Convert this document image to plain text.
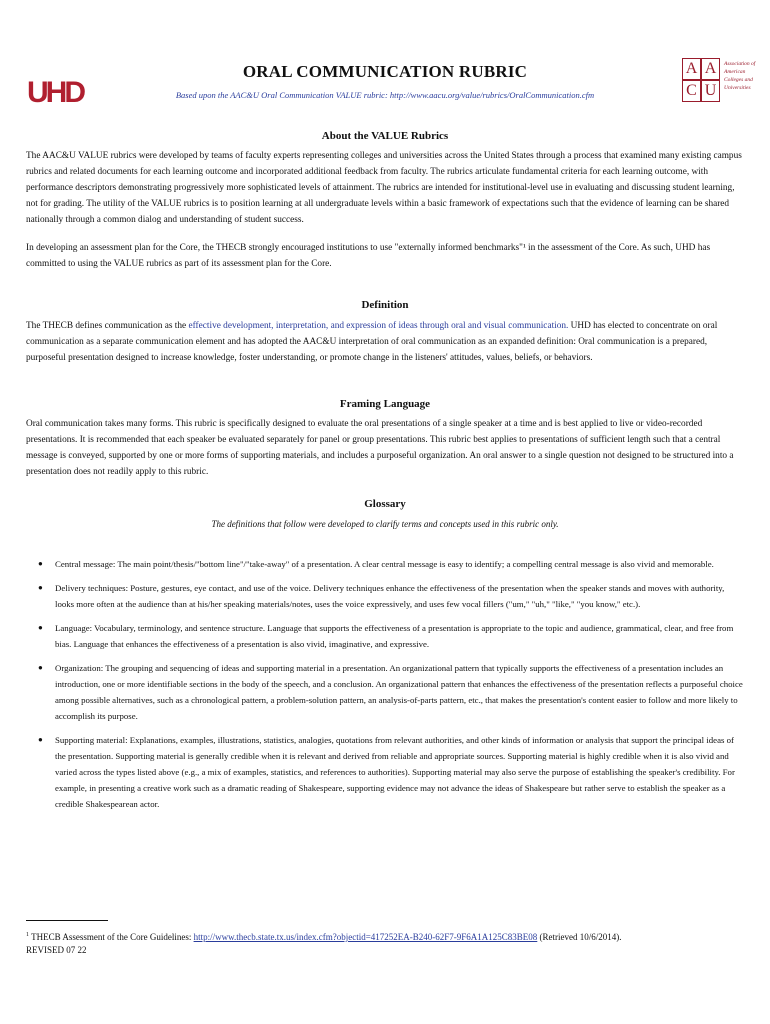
UHD
ORAL COMMUNICATION RUBRIC
Based upon the AAC&U Oral Communication VALUE rubric: http://www.aacu.org/value/rubrics/OralCommunication.cfm
A A
C U
Association of American Colleges and Universities
About the VALUE Rubrics
The AAC&U VALUE rubrics were developed by teams of faculty experts representing colleges and universities across the United States through a process that examined many existing campus rubrics and related documents for each learning outcome and incorporated additional feedback from faculty. The rubrics articulate fundamental criteria for each learning outcome, with performance descriptors demonstrating progressively more sophisticated levels of attainment. The rubrics are intended for institutional-level use in evaluating and discussing student learning, not for grading. The utility of the VALUE rubrics is to position learning at all undergraduate levels within a basic framework of expectations such that the evidence of learning can be shared nationally through a common dialog and understanding of student success.
In developing an assessment plan for the Core, the THECB strongly encouraged institutions to use "externally informed benchmarks"¹ in the assessment of the Core. As such, UHD has committed to using the VALUE rubrics as part of its assessment plan for the Core.
Definition
The THECB defines communication as the effective development, interpretation, and expression of ideas through oral and visual communication. UHD has elected to concentrate on oral communication as a separate communication element and has adopted the AAC&U interpretation of oral communication as an expanded definition: Oral communication is a prepared, purposeful presentation designed to increase knowledge, foster understanding, or promote change in the listeners' attitudes, values, beliefs, or behaviors.
Framing Language
Oral communication takes many forms. This rubric is specifically designed to evaluate the oral presentations of a single speaker at a time and is best applied to live or video-recorded presentations. It is recommended that each speaker be evaluated separately for panel or group presentations. This rubric best applies to presentations of sufficient length such that a central message is conveyed, supported by one or more forms of supporting materials, and includes a purposeful organization. An oral answer to a single question not designed to be structured into a presentation does not readily apply to this rubric.
Glossary
The definitions that follow were developed to clarify terms and concepts used in this rubric only.
● Central message: The main point/thesis/"bottom line"/"take-away" of a presentation. A clear central message is easy to identify; a compelling central message is also vivid and memorable.
● Delivery techniques: Posture, gestures, eye contact, and use of the voice. Delivery techniques enhance the effectiveness of the presentation when the speaker stands and moves with authority, looks more often at the audience than at his/her speaking materials/notes, uses the voice expressively, and uses few vocal fillers ("um," "uh," "like," "you know," etc.).
● Language: Vocabulary, terminology, and sentence structure. Language that supports the effectiveness of a presentation is appropriate to the topic and audience, grammatical, clear, and free from bias. Language that enhances the effectiveness of a presentation is also vivid, imaginative, and expressive.
● Organization: The grouping and sequencing of ideas and supporting material in a presentation. An organizational pattern that typically supports the effectiveness of a presentation includes an introduction, one or more identifiable sections in the body of the speech, and a conclusion. An organizational pattern that enhances the effectiveness of the presentation reflects a purposeful choice among possible alternatives, such as a chronological pattern, a problem-solution pattern, an analysis-of-parts pattern, etc., that makes the presentation's content easier to follow and more likely to accomplish its purpose.
● Supporting material: Explanations, examples, illustrations, statistics, analogies, quotations from relevant authorities, and other kinds of information or analysis that support the principal ideas of the presentation. Supporting material is generally credible when it is relevant and derived from reliable and appropriate sources. Supporting material is highly credible when it is also vivid and varied across the types listed above (e.g., a mix of examples, statistics, and references to authorities). Supporting material may also serve the purpose of establishing the speaker's credibility. For example, in presenting a creative work such as a dramatic reading of Shakespeare, supporting evidence may not advance the ideas of Shakespeare but rather serve to establish the speaker as a credible Shakespearean actor.
$^1$ THECB Assessment of the Core Guidelines: http://www.thecb.state.tx.us/index.cfm?objectid=417252EA-B240-62F7-9F6A1A125C83BE08 (Retrieved 10/6/2014).
REVISED 07 22
